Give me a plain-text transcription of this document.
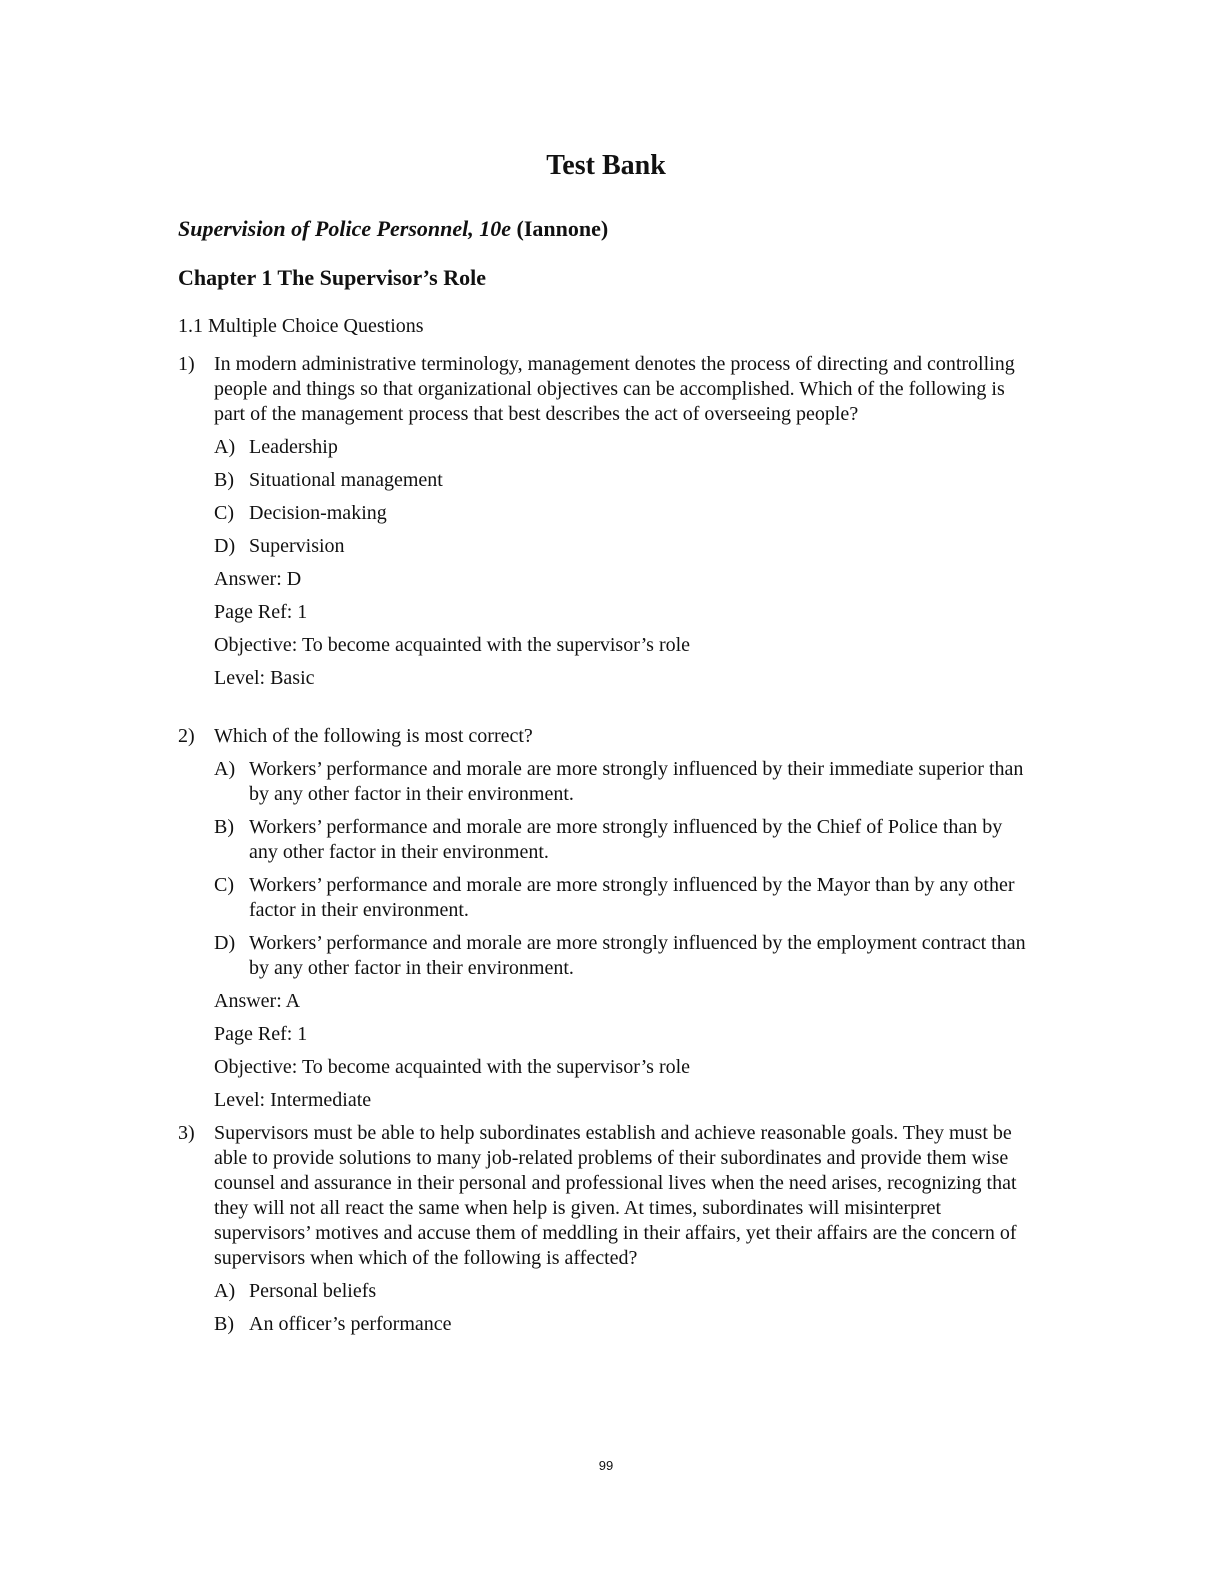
Test Bank

Supervision of Police Personnel, 10e (Iannone)

Chapter 1 The Supervisor’s Role

1.1 Multiple Choice Questions

1) In modern administrative terminology, management denotes the process of directing and controlling people and things so that organizational objectives can be accomplished. Which of the following is part of the management process that best describes the act of overseeing people?
A) Leadership
B) Situational management
C) Decision-making
D) Supervision
Answer: D
Page Ref: 1
Objective: To become acquainted with the supervisor’s role
Level: Basic
2) Which of the following is most correct?
A) Workers’ performance and morale are more strongly influenced by their immediate superior than by any other factor in their environment.
B) Workers’ performance and morale are more strongly influenced by the Chief of Police than by any other factor in their environment.
C) Workers’ performance and morale are more strongly influenced by the Mayor than by any other factor in their environment.
D) Workers’ performance and morale are more strongly influenced by the employment contract than by any other factor in their environment.
Answer: A
Page Ref: 1
Objective: To become acquainted with the supervisor’s role
Level: Intermediate
3) Supervisors must be able to help subordinates establish and achieve reasonable goals. They must be able to provide solutions to many job-related problems of their subordinates and provide them wise counsel and assurance in their personal and professional lives when the need arises, recognizing that they will not all react the same when help is given. At times, subordinates will misinterpret supervisors’ motives and accuse them of meddling in their affairs, yet their affairs are the concern of supervisors when which of the following is affected?
A) Personal beliefs
B) An officer’s performance
99
